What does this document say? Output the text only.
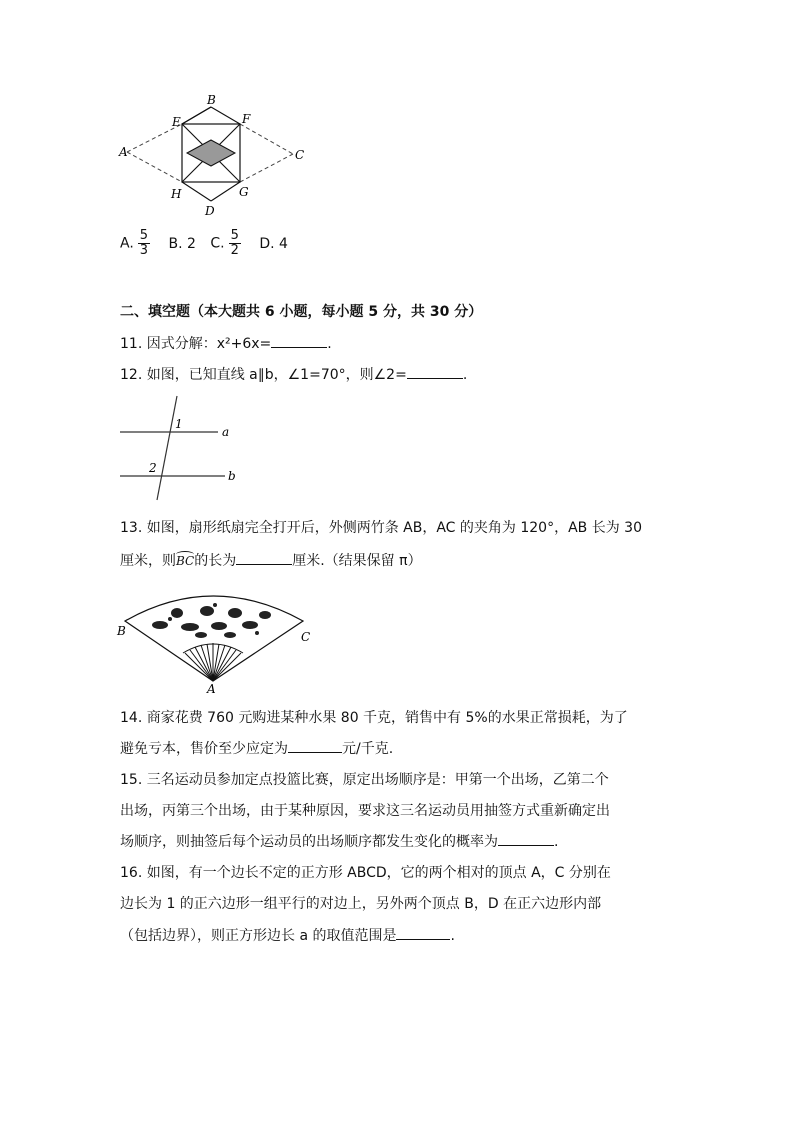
A
B
C
D
E	F
G
H
A. $\frac{5}{3} B$. 2 C. $\frac{5}{2} D$. 4
二、填空题（本大题共 6 小题，每小题 5 分，共 30 分）
11. 因式分解：x²+6x=	.
12. 如图，已知直线 a∥b，∠1=70°，则∠2=	.
1
a
2
b
13. 如图，扇形纸扇完全打开后，外侧两竹条 AB，AC 的夹角为 120°，AB 长为 30
厘米，则BC的长为	厘米.（结果保留 π）
B	C
A
14. 商家花费 760 元购进某种水果 80 千克，销售中有 5%的水果正常损耗，为了
避免亏本，售价至少应定为	元/千克.
15. 三名运动员参加定点投篮比赛，原定出场顺序是：甲第一个出场，乙第二个
出场，丙第三个出场，由于某种原因，要求这三名运动员用抽签方式重新确定出
场顺序，则抽签后每个运动员的出场顺序都发生变化的概率为	.
16. 如图，有一个边长不定的正方形 ABCD，它的两个相对的顶点 A，C 分别在
边长为 1 的正六边形一组平行的对边上，另外两个顶点 B，D 在正六边形内部
（包括边界），则正方形边长 a 的取值范围是	.
